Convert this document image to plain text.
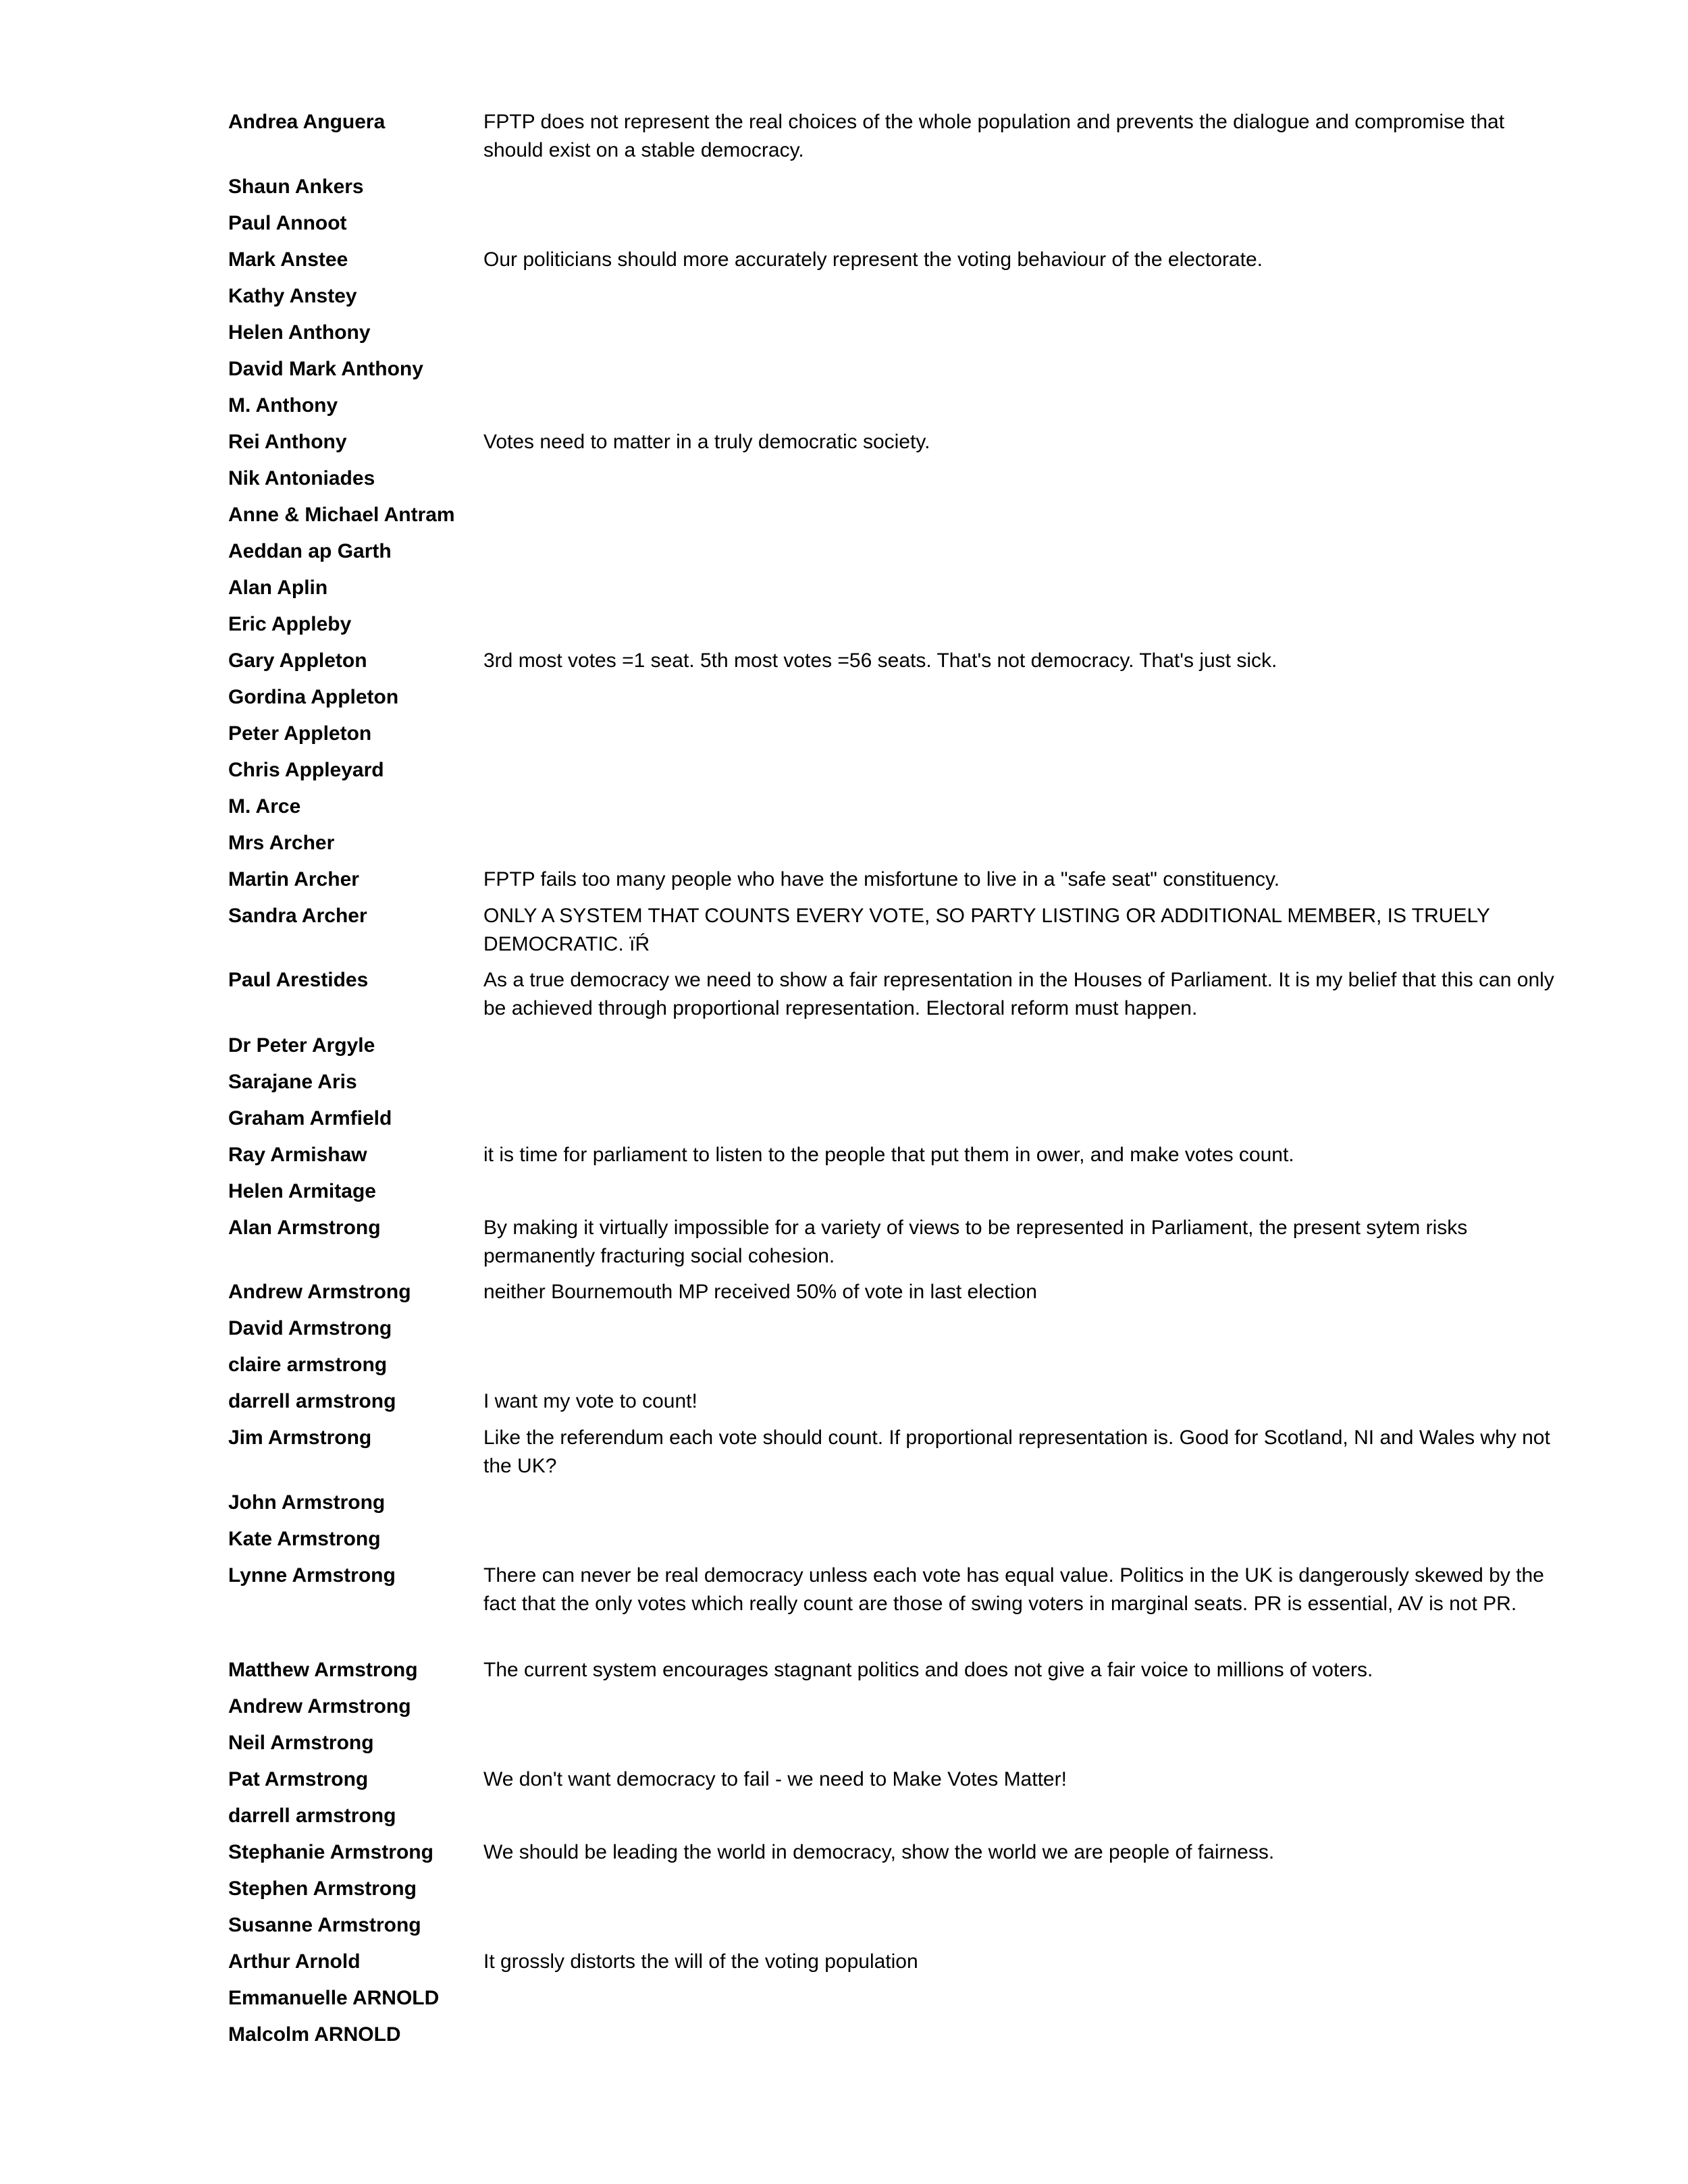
Andrea Anguera	FPTP does not represent the real choices of the whole population and prevents the dialogue and compromise that should exist on a stable democracy.
Shaun Ankers
Paul Annoot
Mark Anstee	Our politicians should more accurately represent the voting behaviour of the electorate.
Kathy Anstey
Helen Anthony
David Mark Anthony
M. Anthony
Rei Anthony	Votes need to matter in a truly democratic society.
Nik Antoniades
Anne & Michael Antram
Aeddan ap Garth
Alan Aplin
Eric Appleby
Gary Appleton	3rd most votes =1 seat. 5th most votes =56 seats. That's not democracy. That's just sick.
Gordina Appleton
Peter Appleton
Chris Appleyard
M. Arce
Mrs Archer
Martin Archer	FPTP fails too many people who have the misfortune to live in a "safe seat" constituency.
Sandra Archer	ONLY A SYSTEM THAT COUNTS EVERY VOTE, SO PARTY LISTING OR ADDITIONAL MEMBER, IS TRUELY DEMOCRATIC. ïŔ
Paul Arestides	As a true democracy we need to show a fair representation in the Houses of Parliament. It is my belief that this can only be achieved through proportional representation. Electoral reform must happen.
Dr Peter Argyle
Sarajane Aris
Graham Armfield
Ray Armishaw	it is time for parliament to listen to the people that put them in ower, and make votes count.
Helen Armitage
Alan Armstrong	By making it virtually impossible for a variety of views to be represented in Parliament, the present sytem risks permanently fracturing social cohesion.
Andrew Armstrong	neither Bournemouth MP received 50% of vote in last election
David Armstrong
claire armstrong
darrell armstrong	I want my vote to count!
Jim Armstrong	Like the referendum each vote should count. If proportional representation is. Good for Scotland, NI and Wales why not the UK?
John Armstrong
Kate Armstrong
Lynne Armstrong	There can never be real democracy unless each vote has equal value. Politics in the UK is dangerously skewed by the fact that the only votes which really count are those of swing voters in marginal seats. PR is essential, AV is not PR.
Matthew Armstrong	The current system encourages stagnant politics and does not give a fair voice to millions of voters.
Andrew Armstrong
Neil Armstrong
Pat Armstrong	We don't want democracy to fail - we need to Make Votes Matter!
darrell armstrong
Stephanie Armstrong	We should be leading the world in democracy, show the world we are people of fairness.
Stephen Armstrong
Susanne Armstrong
Arthur Arnold	It grossly distorts the will of the voting population
Emmanuelle ARNOLD
Malcolm ARNOLD
